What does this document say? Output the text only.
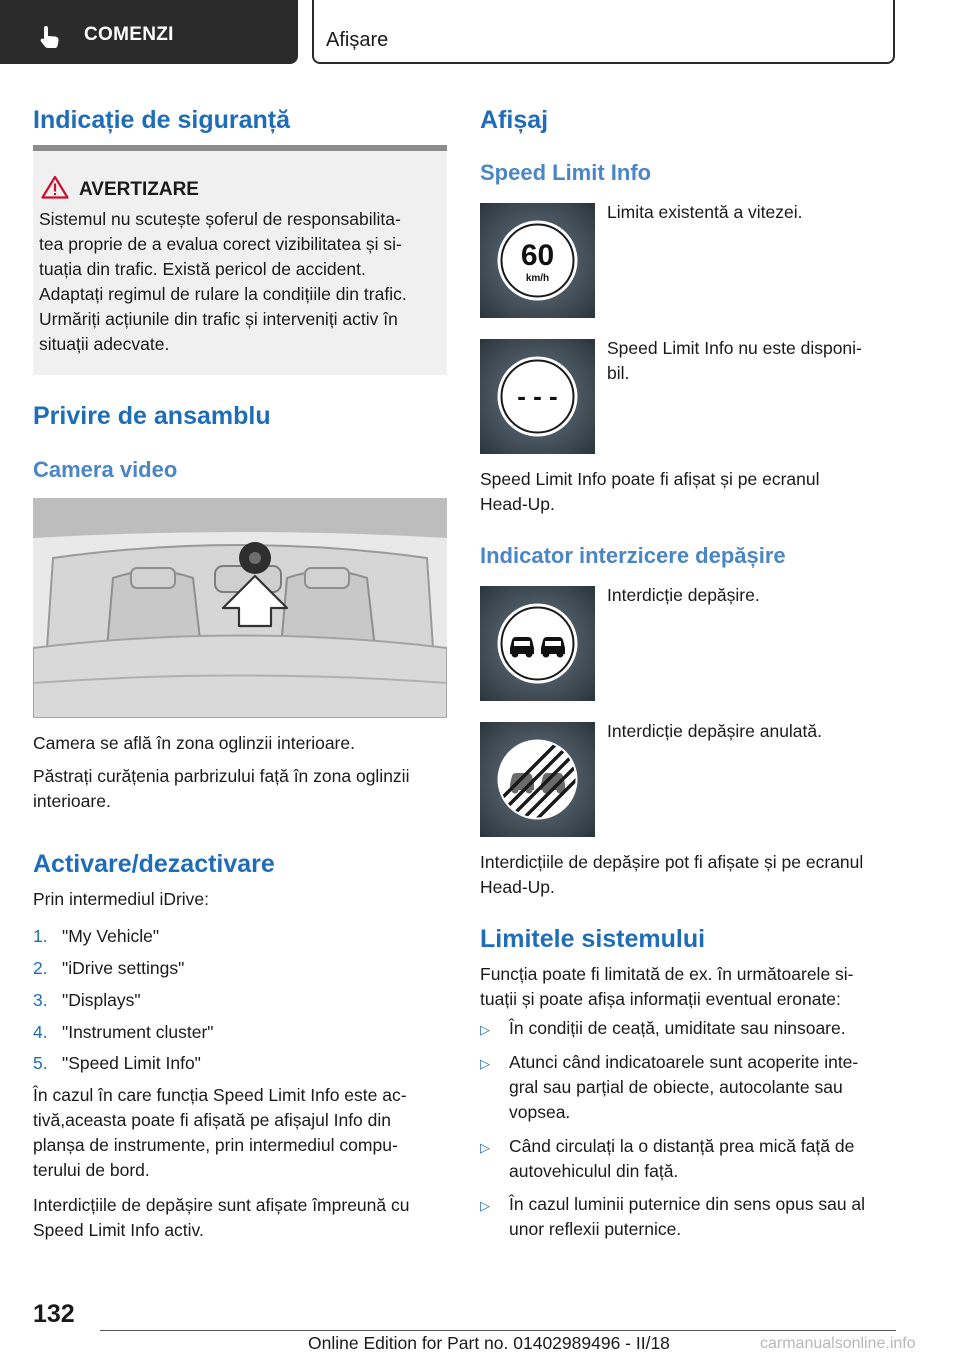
COMENZI	Afișare
Indicație de siguranță
AVERTIZARE
Sistemul nu scutește șoferul de responsabilita-
tea proprie de a evalua corect vizibilitatea și si-
tuația din trafic. Există pericol de accident.
Adaptați regimul de rulare la condițiile din trafic.
Urmăriți acțiunile din trafic și interveniți activ în
situații adecvate.
Privire de ansamblu
Camera video
Camera se află în zona oglinzii interioare.
Păstrați curățenia parbrizului față în zona oglinzii
interioare.
Activare/dezactivare
Prin intermediul iDrive:
1. "My Vehicle"
2. "iDrive settings"
3. "Displays"
4. "Instrument cluster"
5. "Speed Limit Info"
În cazul în care funcția Speed Limit Info este ac-
tivă,aceasta poate fi afișată pe afișajul Info din
planșa de instrumente, prin intermediul compu-
terului de bord.
Interdicțiile de depășire sunt afișate împreună cu
Speed Limit Info activ.
Afișaj
Speed Limit Info
60
km/h
Limita existentă a vitezei.
- - -
Speed Limit Info nu este disponi-
bil.
Speed Limit Info poate fi afișat și pe ecranul
Head-Up.
Indicator interzicere depășire
Interdicție depășire.
Interdicție depășire anulată.
Interdicțiile de depășire pot fi afișate și pe ecranul
Head-Up.
Limitele sistemului
Funcția poate fi limitată de ex. în următoarele si-
tuații și poate afișa informații eventual eronate:
▷ În condiții de ceață, umiditate sau ninsoare.
▷ Atunci când indicatoarele sunt acoperite inte-
gral sau parțial de obiecte, autocolante sau
vopsea.
▷ Când circulați la o distanță prea mică față de
autovehiculul din față.
▷ În cazul luminii puternice din sens opus sau al
unor reflexii puternice.
132
Online Edition for Part no. 01402989496 - II/18	carmanualsonline.info
